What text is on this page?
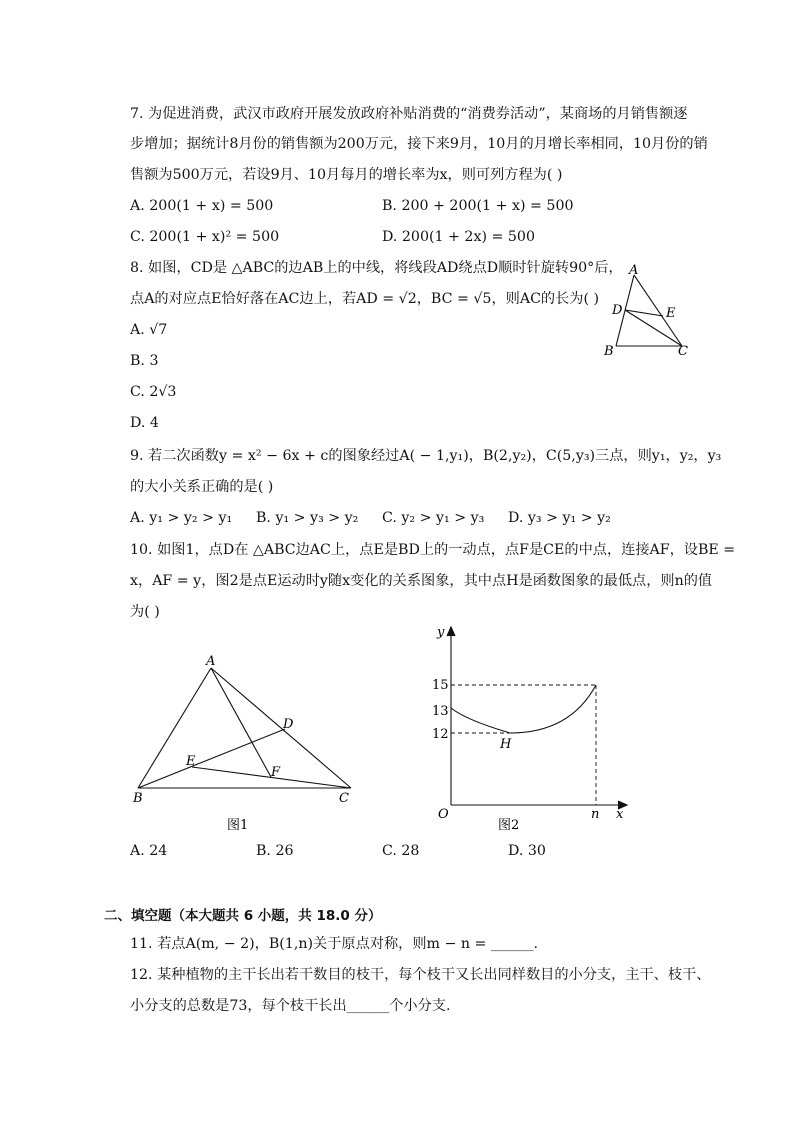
7. 为促进消费，武汉市政府开展发放政府补贴消费的“消费券活动”，某商场的月销售额逐
步增加；据统计8月份的销售额为200万元，接下来9月，10月的月增长率相同，10月份的销
售额为500万元，若设9月、10月每月的增长率为x，则可列方程为( )
A. 200(1 + x) = 500	B. 200 + 200(1 + x) = 500
C. 200(1 + x)² = 500	D. 200(1 + 2x) = 500
8. 如图，CD是 △ABC的边AB上的中线，将线段AD绕点D顺时针旋转90°后，
点A的对应点E恰好落在AC边上，若AD = √2，BC = √5，则AC的长为( )
A. √7
B. 3
C. 2√3
D. 4
A
D	E
B	C
9. 若二次函数y = x² − 6x + c的图象经过A( − 1,y₁)，B(2,y₂)，C(5,y₃)三点，则y₁，y₂，y₃
的大小关系正确的是( )
A. y₁ > y₂ > y₁ B. y₁ > y₃ > y₂ C. y₂ > y₁ > y₃ D. y₃ > y₁ > y₂
10. 如图1，点D在 △ABC边AC上，点E是BD上的一动点，点F是CE的中点，连接AF，设BE =
x，AF = y，图2是点E运动时y随x变化的关系图象，其中点H是函数图象的最低点，则n的值
为( )
A
D
E
F
B	C
图1
y
x
O	n
15
13
12
H
图2
A. 24	B. 26	C. 28	D. 30
二、填空题（本大题共 6 小题，共 18.0 分）
11. 若点A(m, − 2)，B(1,n)关于原点对称，则m − n = ______.
12. 某种植物的主干长出若干数目的枝干，每个枝干又长出同样数目的小分支，主干、枝干、
小分支的总数是73，每个枝干长出______个小分支.
